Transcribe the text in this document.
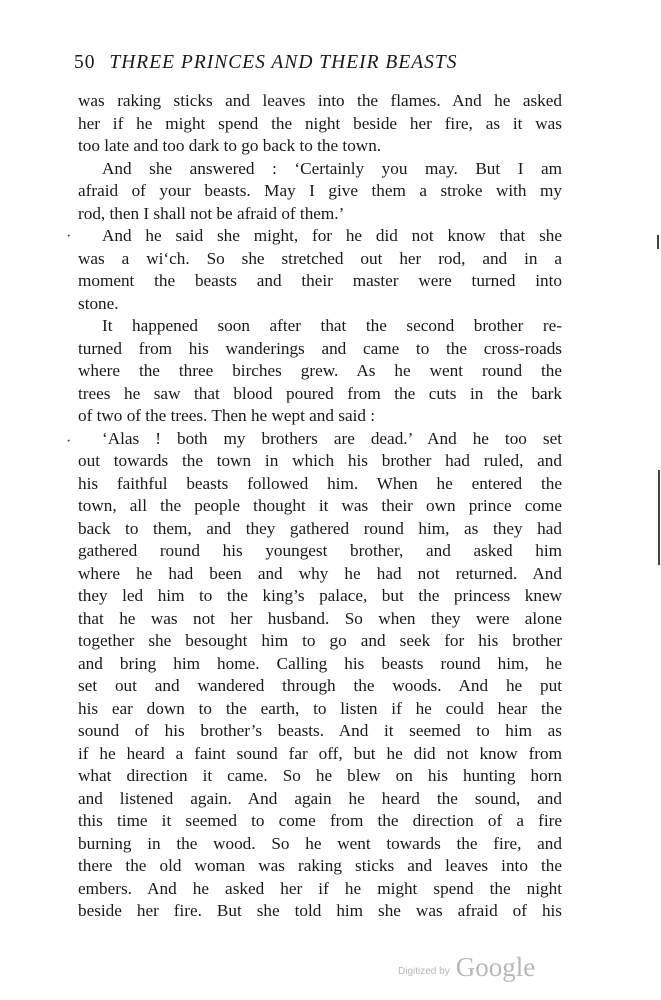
50 THREE PRINCES AND THEIR BEASTS
was raking sticks and leaves into the flames. And he asked
her if he might spend the night beside her fire, as it was
too late and too dark to go back to the town.
And she answered : ‘Certainly you may. But I am
afraid of your beasts. May I give them a stroke with my
rod, then I shall not be afraid of them.’
And he said she might, for he did not know that she
was a wi‘ch. So she stretched out her rod, and in a
moment the beasts and their master were turned into
stone.
It happened soon after that the second brother re-
turned from his wanderings and came to the cross-roads
where the three birches grew. As he went round the
trees he saw that blood poured from the cuts in the bark
of two of the trees. Then he wept and said :
‘Alas ! both my brothers are dead.’ And he too set
out towards the town in which his brother had ruled, and
his faithful beasts followed him. When he entered the
town, all the people thought it was their own prince come
back to them, and they gathered round him, as they had
gathered round his youngest brother, and asked him
where he had been and why he had not returned. And
they led him to the king’s palace, but the princess knew
that he was not her husband. So when they were alone
together she besought him to go and seek for his brother
and bring him home. Calling his beasts round him, he
set out and wandered through the woods. And he put
his ear down to the earth, to listen if he could hear the
sound of his brother’s beasts. And it seemed to him as
if he heard a faint sound far off, but he did not know from
what direction it came. So he blew on his hunting horn
and listened again. And again he heard the sound, and
this time it seemed to come from the direction of a fire
burning in the wood. So he went towards the fire, and
there the old woman was raking sticks and leaves into the
embers. And he asked her if he might spend the night
beside her fire. But she told him she was afraid of his
·
·
Digitized by Google
